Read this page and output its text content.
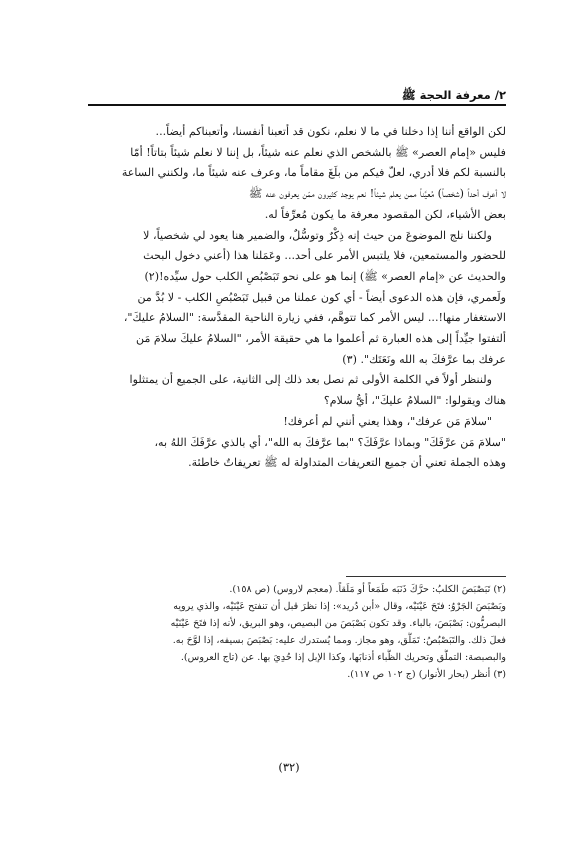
٢/ معرفة الحجة ﷺ
لكن الواقع أننا إذا دخلنا في ما لا نعلم، نكون قد أتعبنا أنفسنا، وأتعبناكم أيضاً...
فليس «إمام العصر» ﷺ بالشخص الذي نعلم عنه شيئاً، بل إننا لا نعلم شيئاً بتاتاً! أمّا
بالنسبة لكم فلا أدري، لعلّ فيكم من بلَغَ مقاماً ما، وعرف عنه شيئاً ما، ولكنني الساعة
لا أعرف أحداً (شخصاً) مُعيَّناً ممن يعلم شيئاً! نعم يوجد كثيرون ممّن يعرفون عنه ﷺ
بعض الأشياء، لكن المقصود معرفة ما يكون مُعرِّفاً له.
ولكننا نلج الموضوعَ من حيث إنه ذِكْرٌ وتوسُّلٌ، والضمير هنا يعود لي شخصياً، لا
للحضور والمستمعين، فلا يلتبس الأمر على أحد... وعَمَلنا هذا (أعني دخول البحث
والحديث عن «إمام العصر» ﷺ) إنما هو على نحو تَبَصْبُصِ الكلب حول سيِّده!(٢)
ولَعمري، فإن هذه الدعوى أيضاً - أي كون عملنا من قبيل تَبَصْبُصِ الكلب - لا بُدَّ من
الاستغفار منها!... ليس الأمر كما تتوهَّم، ففي زيارة الناحية المقدَّسة: "السلامُ عليكَ"،
ألتفتوا جيِّداً إلى هذه العبارة ثم أعلموا ما هي حقيقة الأمر، "السلامُ عليكَ سلامَ مَن
عرفك بما عرَّفكَ به الله ونَعَتَك". (٣)
ولننظر أولاً في الكلمة الأولى ثم نصل بعد ذلك إلى الثانية، على الجميع أن يمتثلوا
هناك ويقولوا: "السلامُ عليكَ"، أيُّ سلام؟
"سلامَ مَن عرفك"، وهذا يعني أنني لم أعرفك!
"سلامَ مَن عرَّفَكَ" وبماذا عرَّفَكَ؟ "بما عرَّفكَ به الله"، أي بالذي عرَّفَكَ اللهُ به،
وهذه الجملة تعني أن جميع التعريفات المتداولة له ﷺ تعريفاتٌ خاطئة.
(٢) تَبَصْبَصَ الكلبُ: حرَّكَ ذَنَبَه طَمَعاً أو مَلَقاً. (معجم لاروس) (ص ١٥٨).
وبَصْبَصَ الجَرْوُ: فتَحَ عَيْنَيْه، وقال «أبن دُريد»: إذا نظرَ قبل أن تنفتح عَيْنَيْه، والذي يرويه
البصريُّون: بَصْبَصَ، بالباء. وقد تكون بَصْبَصَ من البصيص، وهو البريق، لأنه إذا فتَحَ عَيْنَيْه
فعلَ ذلك. والتَبَصْبُصُ: تَمَلُّق، وهو مجاز. ومما يُستدرك عليه: بَصْبَصَ بسيفه، إذا لوَّحَ به.
والبصبصة: التملُّق وتحريك الظَّباء أذنابَها، وكذا الإبل إذا حُدِيَ بها. عن (تاج العروس).
(٣) أنظر (بحار الأنوار) (ج ١٠٢ ص ١١٧).
(٣٢)
